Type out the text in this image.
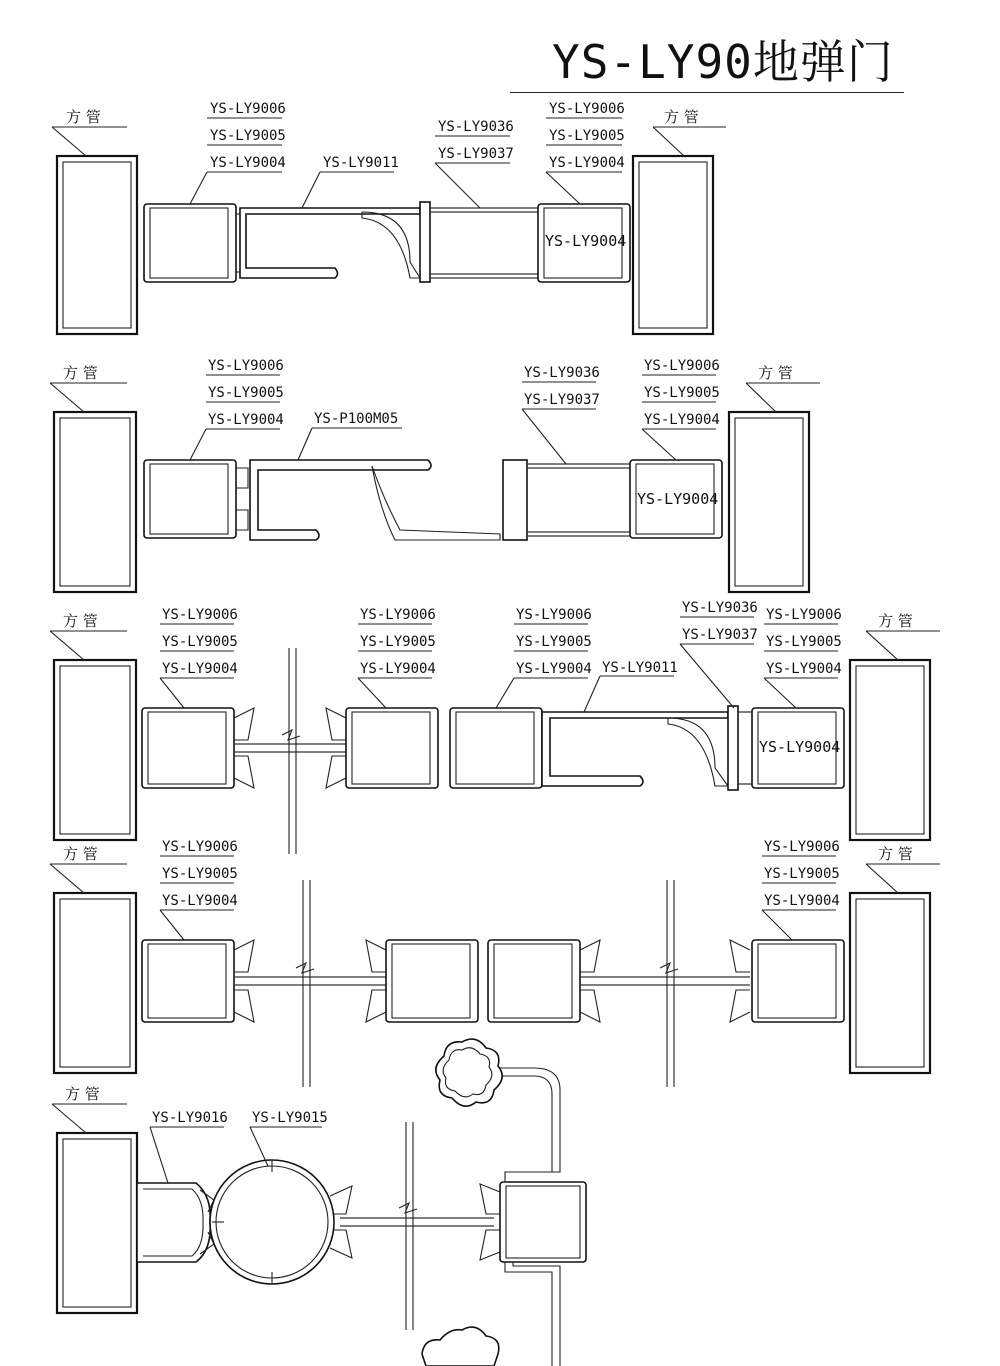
YS-LY90地弹门
方 管	方 管
YS-LY9004
YS-LY9006
YS-LY9005
YS-LY9004	YS-LY9011
YS-LY9036
YS-LY9037
YS-LY9006
YS-LY9005
YS-LY9004
方 管	方 管
YS-LY9004
YS-LY9006
YS-LY9005
YS-LY9004 YS-P100M05
YS-LY9036
YS-LY9037
YS-LY9006
YS-LY9005
YS-LY9004
方 管	方 管
YS-LY9004
YS-LY9006
YS-LY9005
YS-LY9004
YS-LY9006
YS-LY9005
YS-LY9004
YS-LY9006
YS-LY9005
YS-LY9004 YS-LY9011
YS-LY9036
YS-LY9037
YS-LY9006
YS-LY9005
YS-LY9004
方 管	方 管
YS-LY9006
YS-LY9005
YS-LY9004
YS-LY9006
YS-LY9005
YS-LY9004
方 管
YS-LY9016 YS-LY9015
